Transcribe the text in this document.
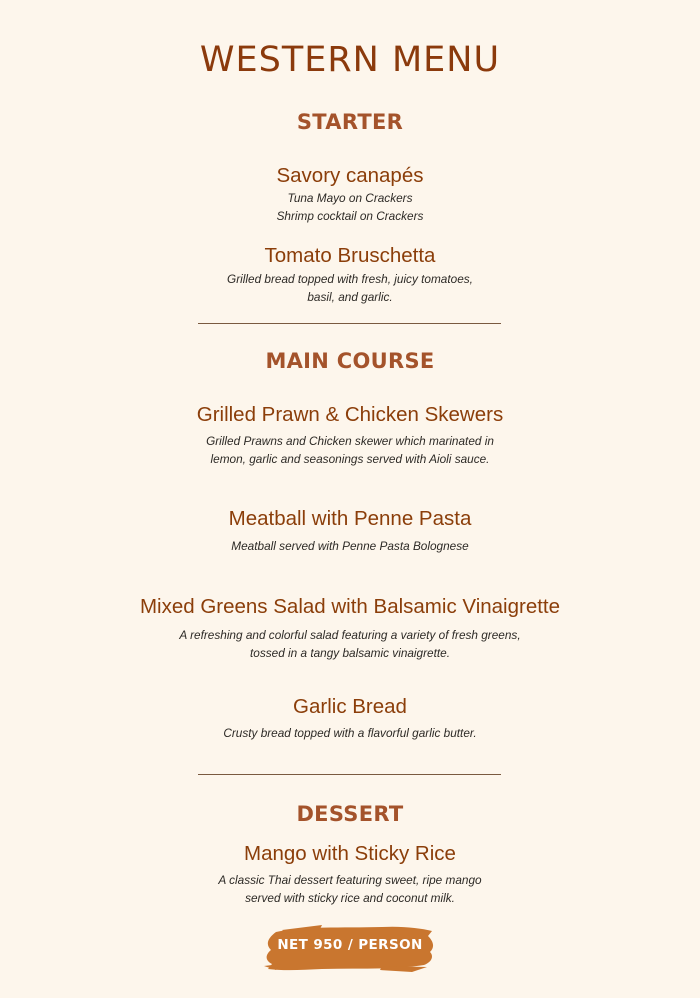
WESTERN MENU
STARTER
Savory canapés
Tuna Mayo on Crackers
Shrimp cocktail on Crackers
Tomato Bruschetta
Grilled bread topped with fresh, juicy tomatoes,
basil, and garlic.
MAIN COURSE
Grilled Prawn & Chicken Skewers
Grilled Prawns and Chicken skewer which marinated in
lemon, garlic and seasonings served with Aioli sauce.
Meatball with Penne Pasta
Meatball served with Penne Pasta Bolognese
Mixed Greens Salad with Balsamic Vinaigrette
A refreshing and colorful salad featuring a variety of fresh greens,
tossed in a tangy balsamic vinaigrette.
Garlic Bread
Crusty bread topped with a flavorful garlic butter.
DESSERT
Mango with Sticky Rice
A classic Thai dessert featuring sweet, ripe mango
served with sticky rice and coconut milk.
NET 950 / PERSON
